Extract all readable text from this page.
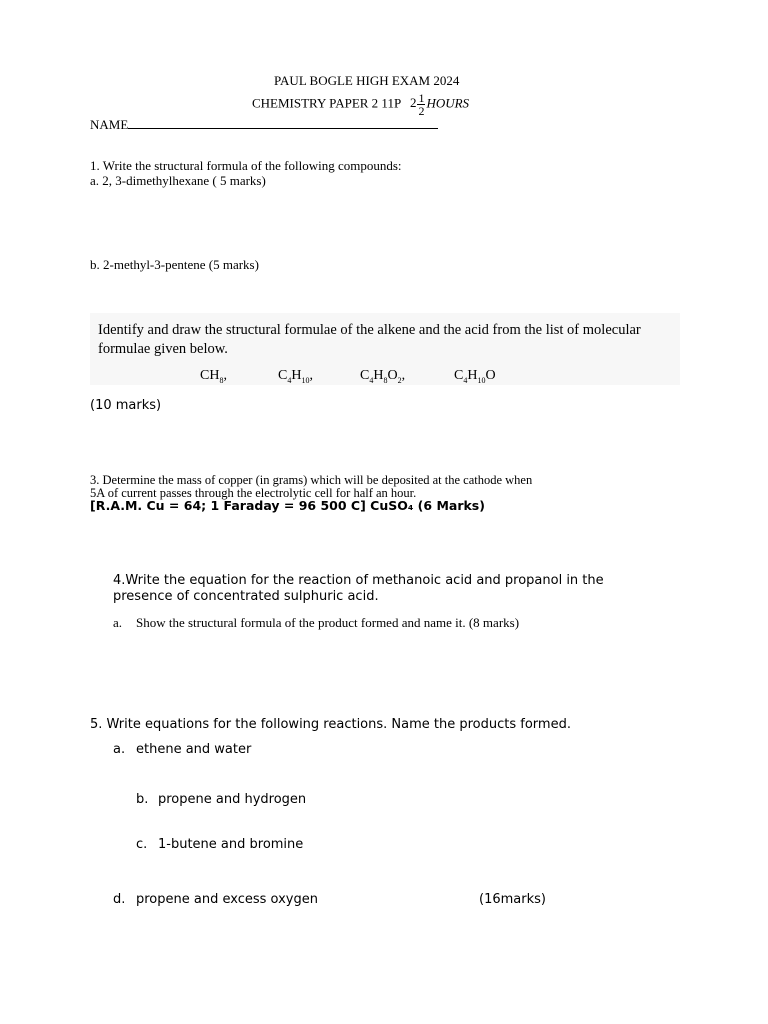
PAUL BOGLE HIGH EXAM 2024
CHEMISTRY PAPER 2 11P $2 \frac{1}{2}$ HOURS
NAME
1. Write the structural formula of the following compounds:
a. 2, 3-dimethylhexane ( 5 marks)
b. 2-methyl-3-pentene (5 marks)
Identify and draw the structural formulae of the alkene and the acid from the list of molecular
formulae given below.
$CH_8$,	$C_4H_{10}$,	$C_4H_8O_2$,	$C_4H_{10}O$
(10 marks)
3. Determine the mass of copper (in grams) which will be deposited at the cathode when
5A of current passes through the electrolytic cell for half an hour.
[R.A.M. Cu = 64; 1 Faraday = 96 500 C] CuSO₄ (6 Marks)
4.Write the equation for the reaction of methanoic acid and propanol in the
presence of concentrated sulphuric acid.
a. Show the structural formula of the product formed and name it. (8 marks)
5. Write equations for the following reactions. Name the products formed.
a. ethene and water
b. propene and hydrogen
c. 1-butene and bromine
d. propene and excess oxygen	(16marks)
